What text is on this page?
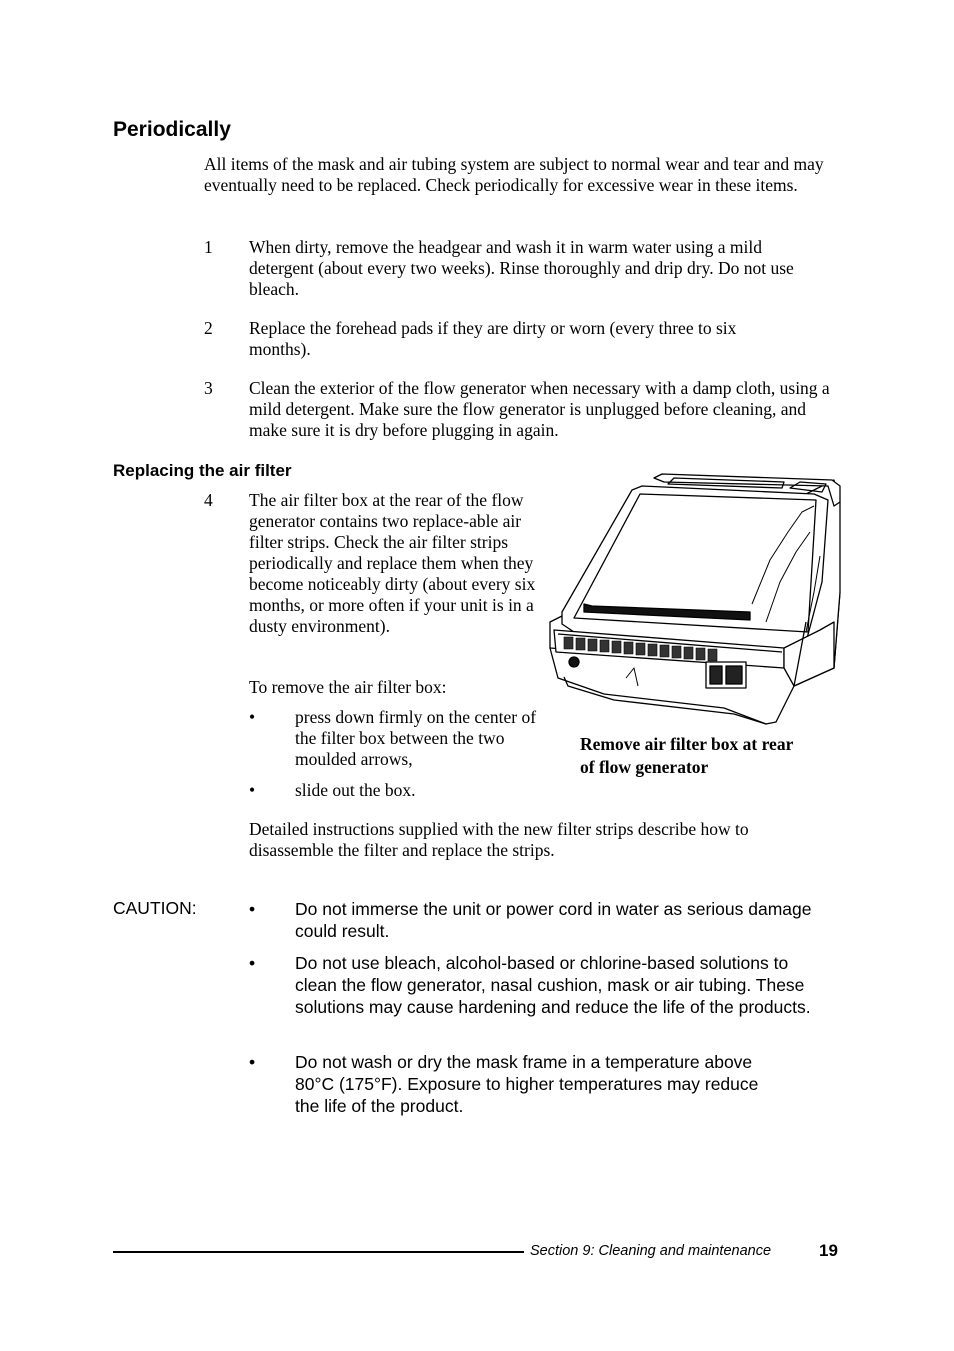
Periodically
All items of the mask and air tubing system are subject to normal wear and tear and may eventually need to be replaced. Check periodically for excessive wear in these items.
1 When dirty, remove the headgear and wash it in warm water using a mild detergent (about every two weeks). Rinse thoroughly and drip dry. Do not use bleach.
2 Replace the forehead pads if they are dirty or worn (every three to six months).
3 Clean the exterior of the flow generator when necessary with a damp cloth, using a mild detergent. Make sure the flow generator is unplugged before cleaning, and make sure it is dry before plugging in again.
Replacing the air filter
4 The air filter box at the rear of the flow generator contains two replace-able air filter strips. Check the air filter strips periodically and replace them when they become noticeably dirty (about every six months, or more often if your unit is in a dusty environment).
To remove the air filter box:
• press down firmly on the center of the filter box between the two moulded arrows,
• slide out the box.
Detailed instructions supplied with the new filter strips describe how to disassemble the filter and replace the strips.
Remove air filter box at rear of flow generator
CAUTION:	• Do not immerse the unit or power cord in water as serious damage could result.
• Do not use bleach, alcohol-based or chlorine-based solutions to clean the flow generator, nasal cushion, mask or air tubing. These solutions may cause hardening and reduce the life of the products.
• Do not wash or dry the mask frame in a temperature above 80°C (175°F). Exposure to higher temperatures may reduce the life of the product.
Section 9: Cleaning and maintenance	19
